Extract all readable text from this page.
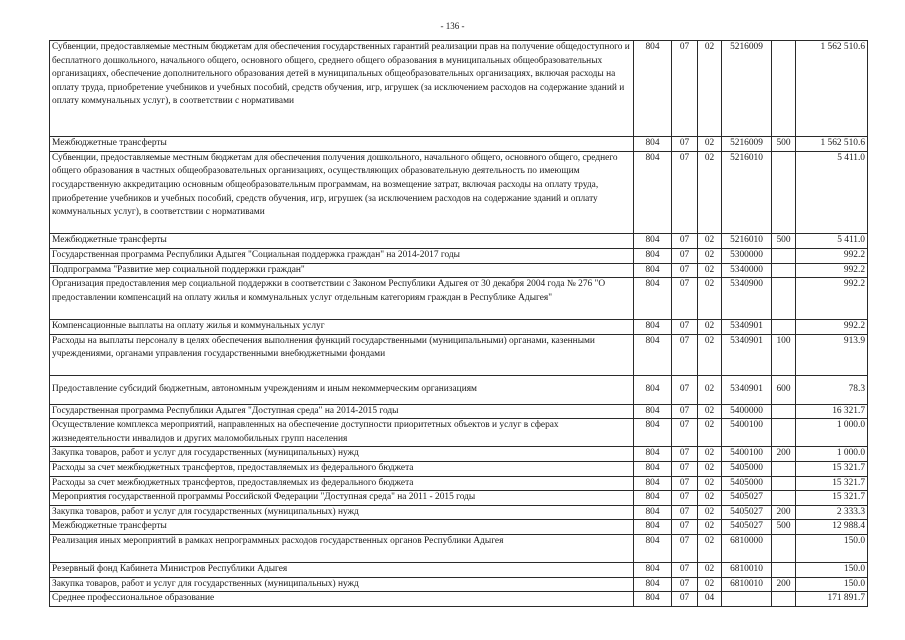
- 136 -
Субвенции, предоставляемые местным бюджетам для обеспечения государственных гарантий реализации прав на получение общедоступного и бесплатного дошкольного, начального общего, основного общего, среднего общего образования в муниципальных общеобразовательных организациях, обеспечение дополнительного образования детей в муниципальных общеобразовательных организациях, включая расходы на оплату труда, приобретение учебников и учебных пособий, средств обучения, игр, игрушек (за исключением расходов на содержание зданий и оплату коммунальных услуг), в соответствии с нормативами	804	07	02	5216009		1 562 510.6
Межбюджетные трансферты	804	07	02	5216009	500	1 562 510.6
Субвенции, предоставляемые местным бюджетам для обеспечения получения дошкольного, начального общего, основного общего, среднего общего образования в частных общеобразовательных организациях, осуществляющих образовательную деятельность по имеющим государственную аккредитацию основным общеобразовательным программам, на возмещение затрат, включая расходы на оплату труда, приобретение учебников и учебных пособий, средств обучения, игр, игрушек (за исключением расходов на содержание зданий и оплату коммунальных услуг), в соответствии с нормативами	804	07	02	5216010		5 411.0
Межбюджетные трансферты	804	07	02	5216010	500	5 411.0
Государственная программа Республики Адыгея "Социальная поддержка граждан" на 2014-2017 годы	804	07	02	5300000		992.2
Подпрограмма "Развитие мер социальной поддержки граждан"	804	07	02	5340000		992.2
Организация предоставления мер социальной поддержки в соответствии с Законом Республики Адыгея от 30 декабря 2004 года № 276 "О предоставлении компенсаций на оплату жилья и коммунальных услуг отдельным категориям граждан в Республике Адыгея"	804	07	02	5340900		992.2
Компенсационные выплаты на оплату жилья и коммунальных услуг	804	07	02	5340901		992.2
Расходы на выплаты персоналу в целях обеспечения выполнения функций государственными (муниципальными) органами, казенными учреждениями, органами управления государственными внебюджетными фондами	804	07	02	5340901	100	913.9
Предоставление субсидий бюджетным, автономным учреждениям и иным некоммерческим организациям	804	07	02	5340901	600	78.3
Государственная программа Республики Адыгея "Доступная среда" на 2014-2015 годы	804	07	02	5400000		16 321.7
Осуществление комплекса мероприятий, направленных на обеспечение доступности приоритетных объектов и услуг в сферах жизнедеятельности инвалидов и других маломобильных групп населения	804	07	02	5400100		1 000.0
Закупка товаров, работ и услуг для государственных (муниципальных) нужд	804	07	02	5400100	200	1 000.0
Расходы за счет межбюджетных трансфертов, предоставляемых из федерального бюджета	804	07	02	5405000		15 321.7
Расходы за счет межбюджетных трансфертов, предоставляемых из федерального бюджета	804	07	02	5405000		15 321.7
Мероприятия государственной программы Российской Федерации "Доступная среда" на 2011 - 2015 годы	804	07	02	5405027		15 321.7
Закупка товаров, работ и услуг для государственных (муниципальных) нужд	804	07	02	5405027	200	2 333.3
Межбюджетные трансферты	804	07	02	5405027	500	12 988.4
Реализация иных мероприятий в рамках непрограммных расходов государственных органов Республики Адыгея	804	07	02	6810000		150.0
Резервный фонд Кабинета Министров Республики Адыгея	804	07	02	6810010		150.0
Закупка товаров, работ и услуг для государственных (муниципальных) нужд	804	07	02	6810010	200	150.0
Среднее профессиональное образование	804	07	04			171 891.7
